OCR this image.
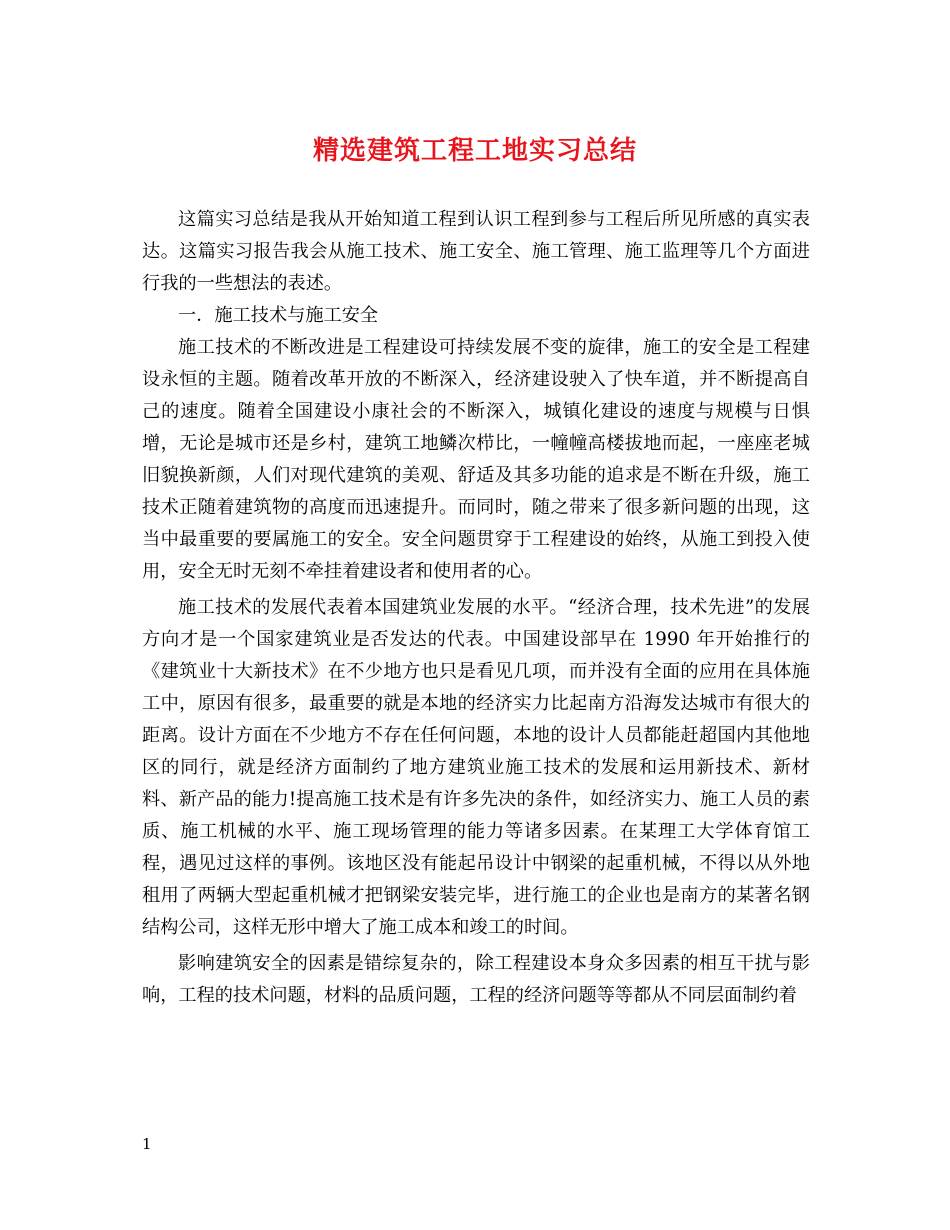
精选建筑工程工地实习总结

这篇实习总结是我从开始知道工程到认识工程到参与工程后所见所感的真实表达。这篇实习报告我会从施工技术、施工安全、施工管理、施工监理等几个方面进行我的一些想法的表述。

一．施工技术与施工安全

施工技术的不断改进是工程建设可持续发展不变的旋律，施工的安全是工程建设永恒的主题。随着改革开放的不断深入，经济建设驶入了快车道，并不断提高自己的速度。随着全国建设小康社会的不断深入，城镇化建设的速度与规模与日惧增，无论是城市还是乡村，建筑工地鳞次栉比，一幢幢高楼拔地而起，一座座老城旧貌换新颜，人们对现代建筑的美观、舒适及其多功能的追求是不断在升级，施工技术正随着建筑物的高度而迅速提升。而同时，随之带来了很多新问题的出现，这当中最重要的要属施工的安全。安全问题贯穿于工程建设的始终，从施工到投入使用，安全无时无刻不牵挂着建设者和使用者的心。

施工技术的发展代表着本国建筑业发展的水平。“经济合理，技术先进”的发展方向才是一个国家建筑业是否发达的代表。中国建设部早在 1990 年开始推行的《建筑业十大新技术》在不少地方也只是看见几项，而并没有全面的应用在具体施工中，原因有很多，最重要的就是本地的经济实力比起南方沿海发达城市有很大的距离。设计方面在不少地方不存在任何问题，本地的设计人员都能赶超国内其他地区的同行，就是经济方面制约了地方建筑业施工技术的发展和运用新技术、新材料、新产品的能力!提高施工技术是有许多先决的条件，如经济实力、施工人员的素质、施工机械的水平、施工现场管理的能力等诸多因素。在某理工大学体育馆工程，遇见过这样的事例。该地区没有能起吊设计中钢梁的起重机械，不得以从外地租用了两辆大型起重机械才把钢梁安装完毕，进行施工的企业也是南方的某著名钢结构公司，这样无形中增大了施工成本和竣工的时间。

影响建筑安全的因素是错综复杂的，除工程建设本身众多因素的相互干扰与影响，工程的技术问题，材料的品质问题，工程的经济问题等等都从不同层面制约着

1
